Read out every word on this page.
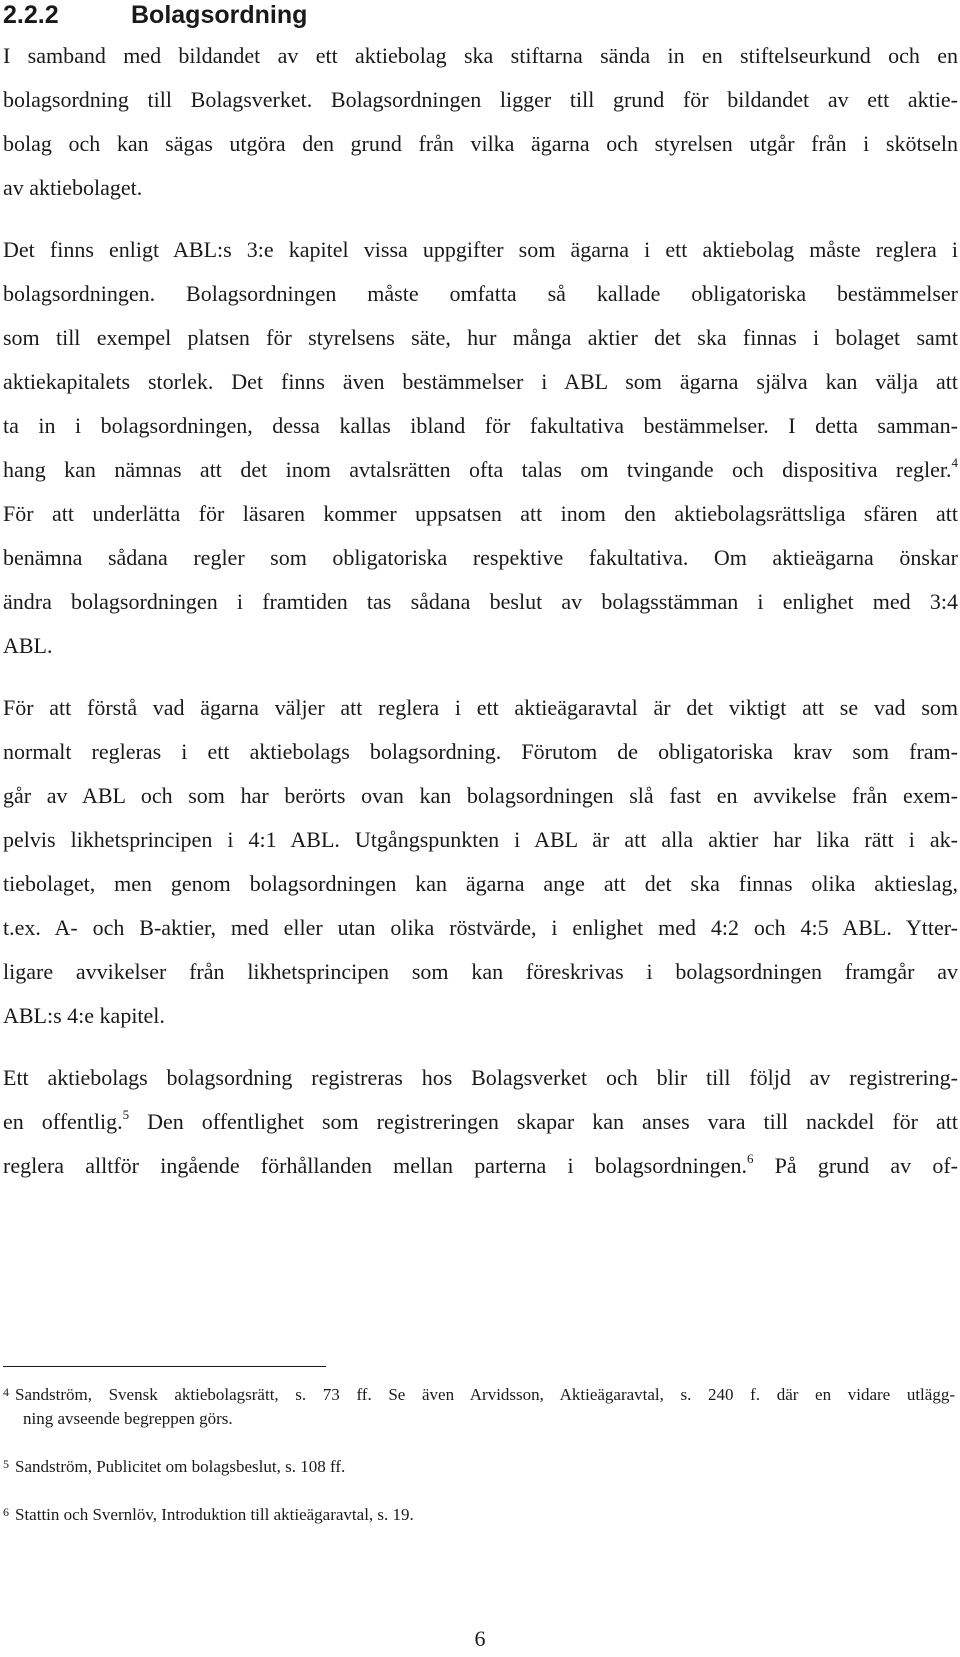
2.2.2	Bolagsordning
I samband med bildandet av ett aktiebolag ska stiftarna sända in en stiftelseurkund och en
bolagsordning till Bolagsverket. Bolagsordningen ligger till grund för bildandet av ett aktie-
bolag och kan sägas utgöra den grund från vilka ägarna och styrelsen utgår från i skötseln
av aktiebolaget.
Det finns enligt ABL:s 3:e kapitel vissa uppgifter som ägarna i ett aktiebolag måste reglera i
bolagsordningen. Bolagsordningen måste omfatta så kallade obligatoriska bestämmelser
som till exempel platsen för styrelsens säte, hur många aktier det ska finnas i bolaget samt
aktiekapitalets storlek. Det finns även bestämmelser i ABL som ägarna själva kan välja att
ta in i bolagsordningen, dessa kallas ibland för fakultativa bestämmelser. I detta samman-
hang kan nämnas att det inom avtalsrätten ofta talas om tvingande och dispositiva regler.$^4$
För att underlätta för läsaren kommer uppsatsen att inom den aktiebolagsrättsliga sfären att
benämna sådana regler som obligatoriska respektive fakultativa. Om aktieägarna önskar
ändra bolagsordningen i framtiden tas sådana beslut av bolagsstämman i enlighet med 3:4
ABL.
För att förstå vad ägarna väljer att reglera i ett aktieägaravtal är det viktigt att se vad som
normalt regleras i ett aktiebolags bolagsordning. Förutom de obligatoriska krav som fram-
går av ABL och som har berörts ovan kan bolagsordningen slå fast en avvikelse från exem-
pelvis likhetsprincipen i 4:1 ABL. Utgångspunkten i ABL är att alla aktier har lika rätt i ak-
tiebolaget, men genom bolagsordningen kan ägarna ange att det ska finnas olika aktieslag,
t.ex. A- och B-aktier, med eller utan olika röstvärde, i enlighet med 4:2 och 4:5 ABL. Ytter-
ligare avvikelser från likhetsprincipen som kan föreskrivas i bolagsordningen framgår av
ABL:s 4:e kapitel.
Ett aktiebolags bolagsordning registreras hos Bolagsverket och blir till följd av registrering-
en offentlig.$^5$ Den offentlighet som registreringen skapar kan anses vara till nackdel för att
reglera alltför ingående förhållanden mellan parterna i bolagsordningen.$^6$ På grund av of-
$^4$ Sandström, Svensk aktiebolagsrätt, s. 73 ff. Se även Arvidsson, Aktieägaravtal, s. 240 f. där en vidare utlägg-
ning avseende begreppen görs.
$^5$ Sandström, Publicitet om bolagsbeslut, s. 108 ff.
$^6$ Stattin och Svernlöv, Introduktion till aktieägaravtal, s. 19.
6
